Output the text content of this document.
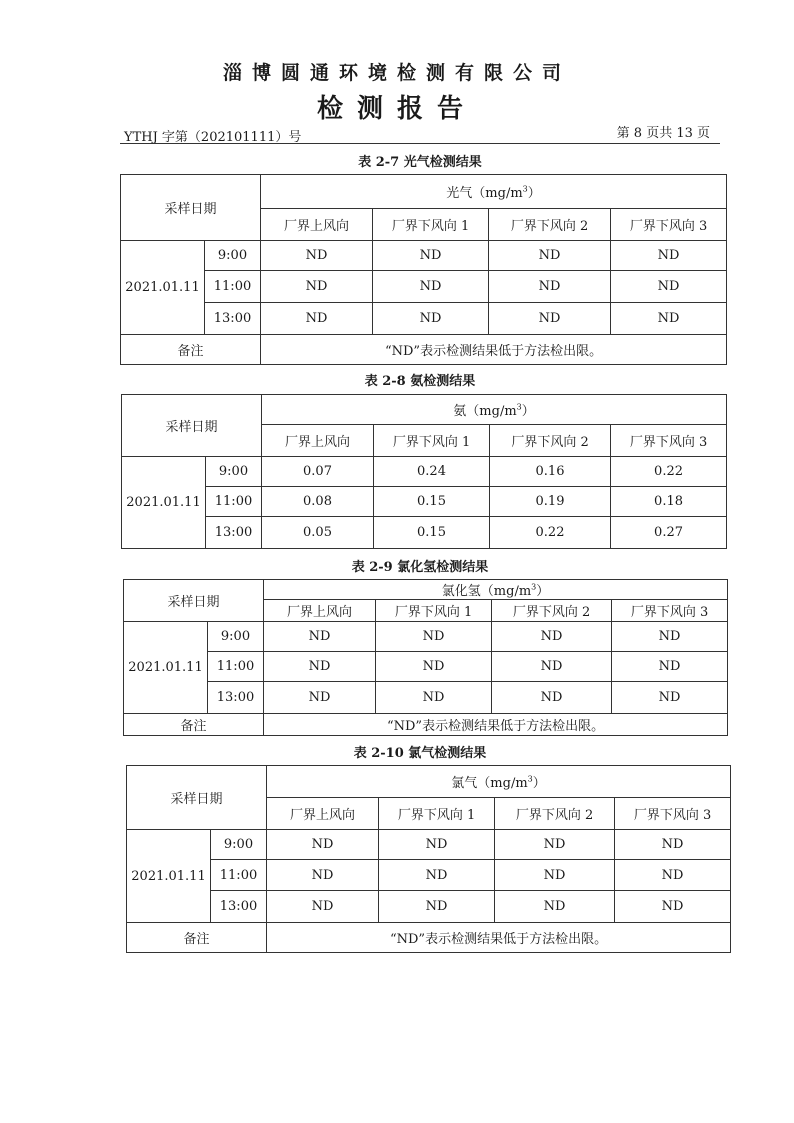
淄博圆通环境检测有限公司
检测报告
YTHJ 字第（202101111）号	第 8 页共 13 页
表 2-7 光气检测结果
采样日期		光气$(mg/m^3)$			
		厂界上风向	厂界下风向 1	厂界下风向 2	厂界下风向 3
2021.01.11	9:00	ND	ND	ND	ND
	11:00	ND	ND	ND	ND
	13:00	ND	ND	ND	ND
备注		“ND”表示检测结果低于方法检出限。			
表 2-8 氨检测结果
采样日期		氨$(mg/m^3)$			
		厂界上风向	厂界下风向 1	厂界下风向 2	厂界下风向 3
2021.01.11	9:00	0.07	0.24	0.16	0.22
	11:00	0.08	0.15	0.19	0.18
	13:00	0.05	0.15	0.22	0.27
表 2-9 氯化氢检测结果
采样日期		氯化氢$(mg/m^3)$			
		厂界上风向	厂界下风向 1	厂界下风向 2	厂界下风向 3
2021.01.11	9:00	ND	ND	ND	ND
	11:00	ND	ND	ND	ND
	13:00	ND	ND	ND	ND
备注		“ND”表示检测结果低于方法检出限。			
表 2-10 氯气检测结果
采样日期		氯气$(mg/m^3)$			
		厂界上风向	厂界下风向 1	厂界下风向 2	厂界下风向 3
2021.01.11	9:00	ND	ND	ND	ND
	11:00	ND	ND	ND	ND
	13:00	ND	ND	ND	ND
备注		“ND”表示检测结果低于方法检出限。			
